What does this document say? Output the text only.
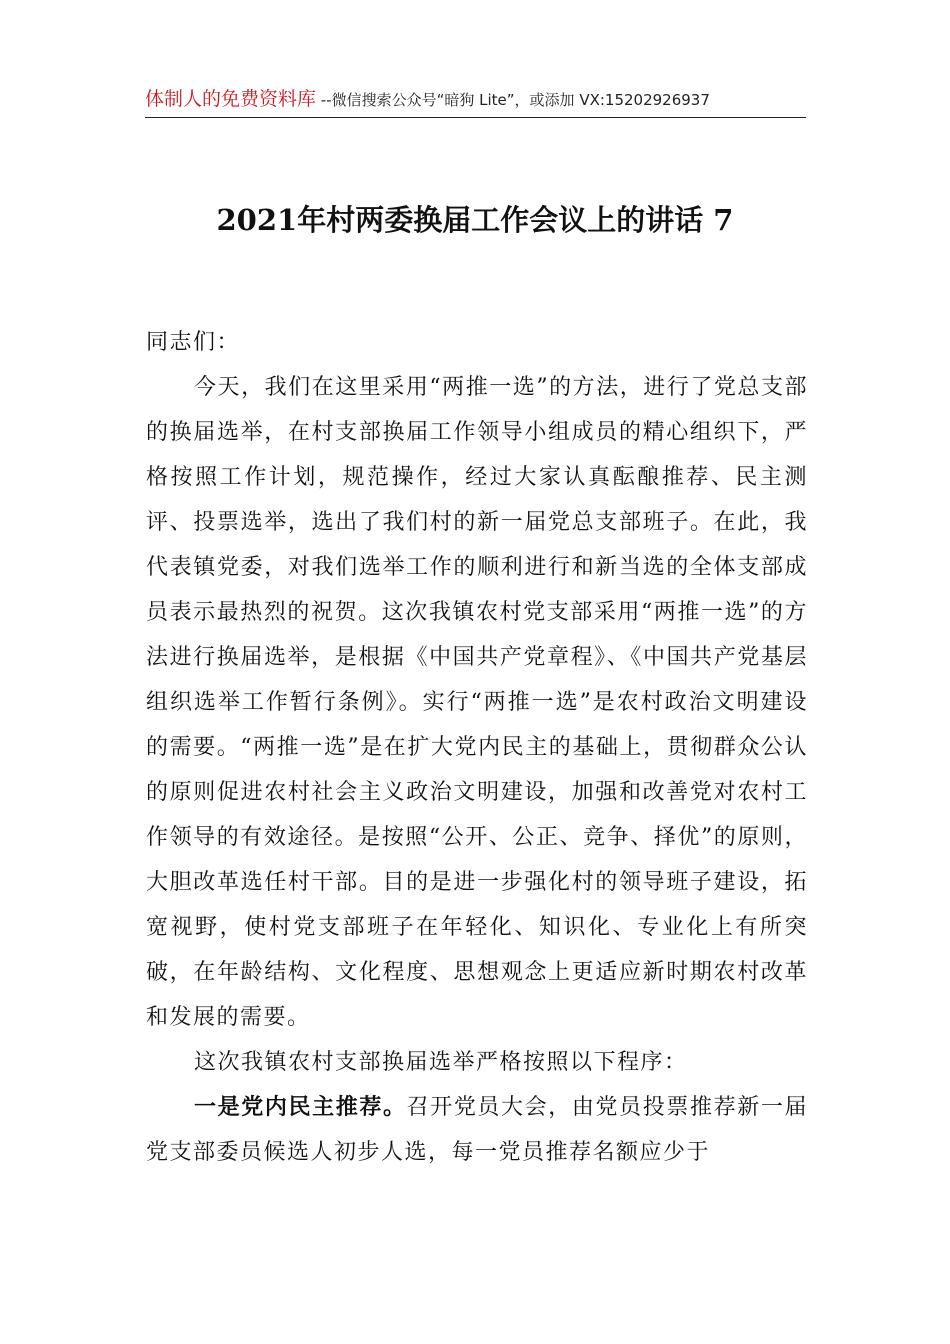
体制人的免费资料库 --微信搜索公众号“暗狗 Lite”，或添加 VX:15202926937
2021年村两委换届工作会议上的讲话 7

同志们：

今天，我们在这里采用“两推一选”的方法，进行了党总支部的换届选举，在村支部换届工作领导小组成员的精心组织下，严格按照工作计划，规范操作，经过大家认真酝酿推荐、民主测评、投票选举，选出了我们村的新一届党总支部班子。在此，我代表镇党委，对我们选举工作的顺利进行和新当选的全体支部成员表示最热烈的祝贺。这次我镇农村党支部采用“两推一选”的方法进行换届选举，是根据《中国共产党章程》、《中国共产党基层组织选举工作暂行条例》。实行“两推一选”是农村政治文明建设的需要。“两推一选”是在扩大党内民主的基础上，贯彻群众公认的原则促进农村社会主义政治文明建设，加强和改善党对农村工作领导的有效途径。是按照“公开、公正、竞争、择优”的原则，大胆改革选任村干部。目的是进一步强化村的领导班子建设，拓宽视野，使村党支部班子在年轻化、知识化、专业化上有所突破，在年龄结构、文化程度、思想观念上更适应新时期农村改革和发展的需要。

这次我镇农村支部换届选举严格按照以下程序：

一是党内民主推荐。召开党员大会，由党员投票推荐新一届党支部委员候选人初步人选，每一党员推荐名额应少于
